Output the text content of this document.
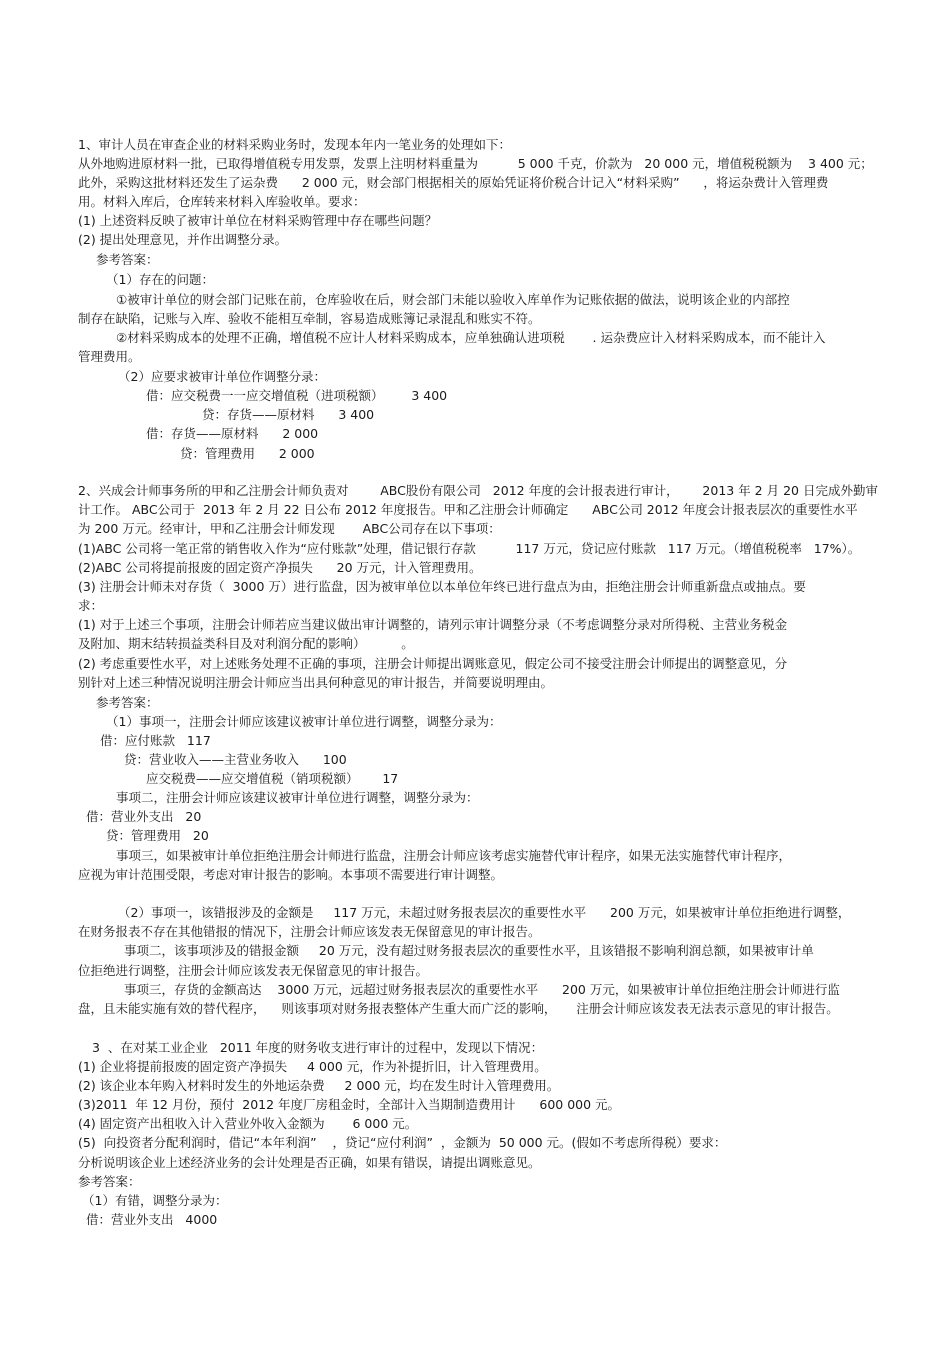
1、审计人员在审查企业的材料采购业务时，发现本年内一笔业务的处理如下：
从外地购进原材料一批，已取得增值税专用发票，发票上注明材料重量为          5 000 千克，价款为   20 000 元，增值税税额为    3 400 元；
此外，采购这批材料还发生了运杂费      2 000 元，财会部门根据相关的原始凭证将价税合计记入“材料采购”      ，将运杂费计入管理费
用。材料入库后，仓库转来材料入库验收单。要求：
(1) 上述资料反映了被审计单位在材料采购管理中存在哪些问题？
(2) 提出处理意见，并作出调整分录。
参考答案：
（1）存在的问题：
①被审计单位的财会部门记账在前，仓库验收在后，财会部门未能以验收入库单作为记账依据的做法，说明该企业的内部控
制存在缺陷，记账与入库、验收不能相互牵制，容易造成账簿记录混乱和账实不符。
②材料采购成本的处理不正确，增值税不应计人材料采购成本，应单独确认进项税       . 运杂费应计入材料采购成本，而不能计入
管理费用。
（2）应要求被审计单位作调整分录：
借：应交税费一一应交增值税（进项税额）       3 400
贷：存货——原材料      3 400
借：存货——原材料      2 000
贷：管理费用      2 000
2、兴成会计师事务所的甲和乙注册会计师负责对        ABC股份有限公司   2012 年度的会计报表进行审计，      2013 年 2 月 20 日完成外勤审
计工作。 ABC公司于  2013 年 2 月 22 日公布 2012 年度报告。甲和乙注册会计师确定      ABC公司 2012 年度会计报表层次的重要性水平
为 200 万元。经审计，甲和乙注册会计师发现       ABC公司存在以下事项：
(1)ABC 公司将一笔正常的销售收入作为“应付账款”处理，借记银行存款          117 万元，贷记应付账款   117 万元。（增值税税率   17%）。
(2)ABC 公司将提前报废的固定资产净损失      20 万元，计入管理费用。
(3) 注册会计师未对存货（  3000 万）进行监盘，因为被审单位以本单位年终已进行盘点为由，拒绝注册会计师重新盘点或抽点。要
求：
(1) 对于上述三个事项，注册会计师若应当建议做出审计调整的，请列示审计调整分录（不考虑调整分录对所得税、主营业务税金
及附加、期末结转损益类科目及对利润分配的影响）         。
(2) 考虑重要性水平，对上述账务处理不正确的事项，注册会计师提出调账意见，假定公司不接受注册会计师提出的调整意见，分
别针对上述三种情况说明注册会计师应当出具何种意见的审计报告，并简要说明理由。
参考答案：
（1）事项一，注册会计师应该建议被审计单位进行调整，调整分录为：
借：应付账款   117
贷：营业收入——主营业务收入      100
应交税费——应交增值税（销项税额）      17
事项二，注册会计师应该建议被审计单位进行调整，调整分录为：
借：营业外支出   20
贷：管理费用   20
事项三，如果被审计单位拒绝注册会计师进行监盘，注册会计师应该考虑实施替代审计程序，如果无法实施替代审计程序，
应视为审计范围受限，考虑对审计报告的影响。本事项不需要进行审计调整。
（2）事项一，该错报涉及的金额是     117 万元，未超过财务报表层次的重要性水平      200 万元，如果被审计单位拒绝进行调整，
在财务报表不存在其他错报的情况下，注册会计师应该发表无保留意见的审计报告。
事项二，该事项涉及的错报金额     20 万元，没有超过财务报表层次的重要性水平，且该错报不影响利润总额，如果被审计单
位拒绝进行调整，注册会计师应该发表无保留意见的审计报告。
事项三，存货的金额高达    3000 万元，远超过财务报表层次的重要性水平      200 万元，如果被审计单位拒绝注册会计师进行监
盘，且未能实施有效的替代程序，    则该事项对财务报表整体产生重大而广泛的影响，     注册会计师应该发表无法表示意见的审计报告。
3  、在对某工业企业   2011 年度的财务收支进行审计的过程中，发现以下情况：
(1) 企业将提前报废的固定资产净损失     4 000 元，作为补提折旧，计入管理费用。
(2) 该企业本年购入材料时发生的外地运杂费     2 000 元，均在发生时计入管理费用。
(3)2011  年 12 月份，预付  2012 年度厂房租金时，全部计入当期制造费用计      600 000 元。
(4) 固定资产出租收入计入营业外收入金额为       6 000 元。
(5)  向投资者分配利润时，借记“本年利润”    ，贷记“应付利润”  ，金额为  50 000 元。(假如不考虑所得税）要求：
分析说明该企业上述经济业务的会计处理是否正确，如果有错误，请提出调账意见。
参考答案：
（1）有错，调整分录为：
借：营业外支出   4000
